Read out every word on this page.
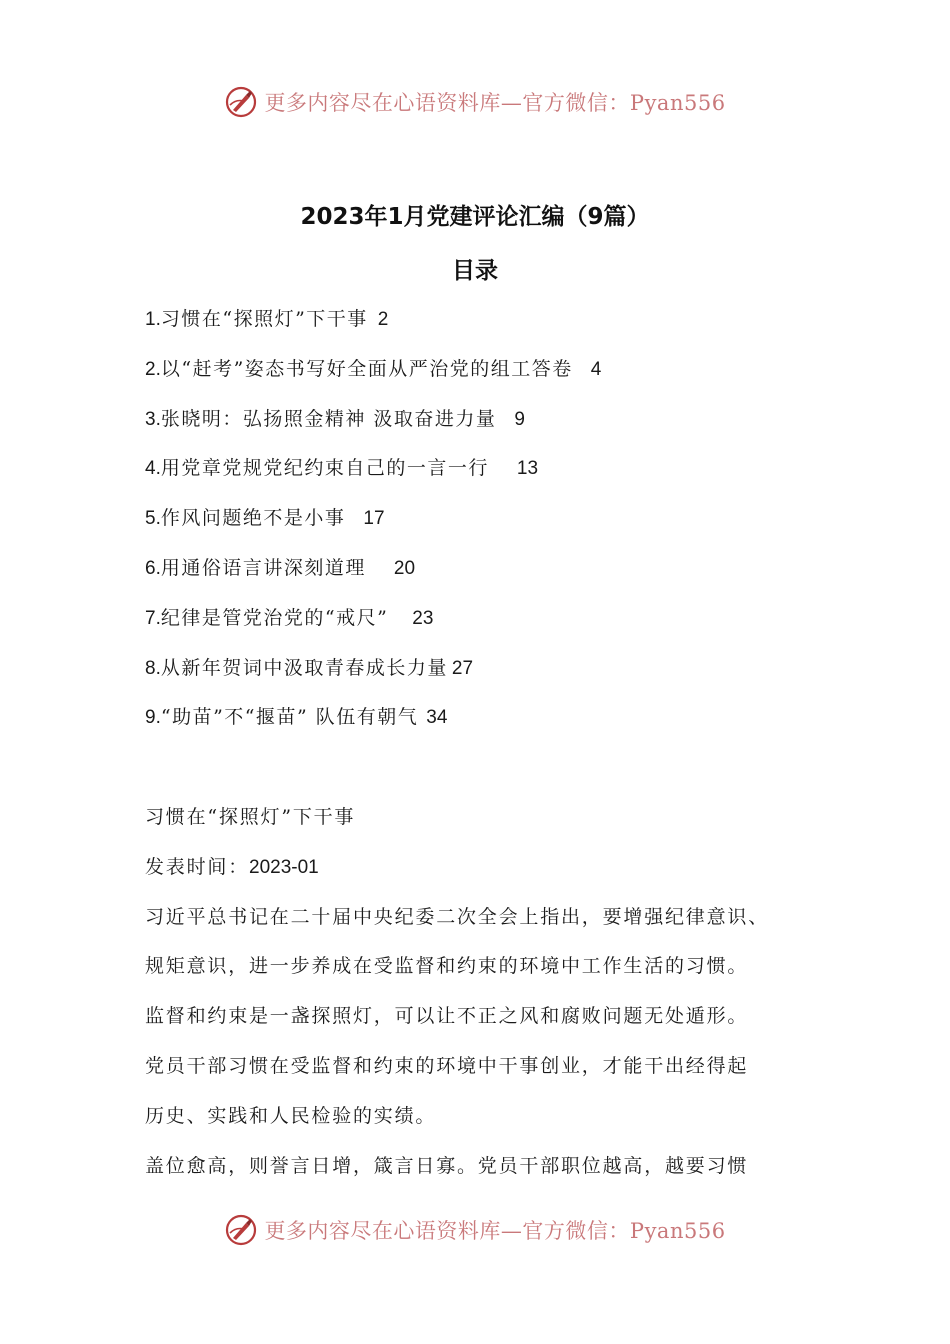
更多内容尽在心语资料库—官方微信：Pyan556
2023年1月党建评论汇编（9篇）
目录
1.习惯在“探照灯”下干事 2
2.以“赶考”姿态书写好全面从严治党的组工答卷 4
3.张晓明：弘扬照金精神 汲取奋进力量 9
4.用党章党规党纪约束自己的一言一行 13
5.作风问题绝不是小事 17
6.用通俗语言讲深刻道理 20
7.纪律是管党治党的“戒尺” 23
8.从新年贺词中汲取青春成长力量 27
9.“助苗”不“揠苗” 队伍有朝气 34

习惯在“探照灯”下干事

发表时间：2023-01

习近平总书记在二十届中央纪委二次全会上指出，要增强纪律意识、

规矩意识，进一步养成在受监督和约束的环境中工作生活的习惯。

监督和约束是一盏探照灯，可以让不正之风和腐败问题无处遁形。

党员干部习惯在受监督和约束的环境中干事创业，才能干出经得起

历史、实践和人民检验的实绩。

盖位愈高，则誉言日增，箴言日寡。党员干部职位越高，越要习惯

更多内容尽在心语资料库—官方微信：Pyan556
